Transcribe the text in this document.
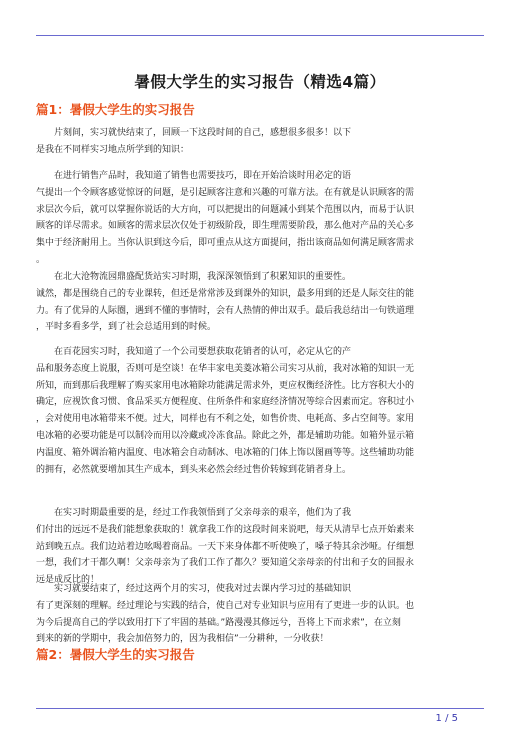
暑假大学生的实习报告（精选4篇）
篇1：暑假大学生的实习报告
片刻间，实习就快结束了，回顾一下这段时间的自己，感想很多很多！以下
是我在不同样实习地点所学到的知识：
在进行销售产品时，我知道了销售也需要技巧，即在开始洽谈时用必定的语
气提出一个令顾客感觉惊讶的问题，是引起顾客注意和兴趣的可靠方法。在有就是认识顾客的需
求层次今后，就可以掌握你说话的大方向，可以把提出的问题减小到某个范围以内，而易于认识
顾客的详尽需求。如顾客的需求层次仅处于初级阶段，即生理需要阶段，那么他对产品的关心多
集中于经济耐用上。当你认识到这今后，即可重点从这方面提问，指出该商品如何满足顾客需求
。
在北大沧物流园鼎盛配货站实习时期，我深深领悟到了积累知识的重要性。
诚然，都是围绕自己的专业课转，但还是常常涉及到课外的知识，最多用到的还是人际交往的能
力。有了优异的人际圈，遇到不懂的事情时，会有人热情的伸出双手。最后我总结出一句铁道理
，平时多看多学，到了社会总适用到的时候。
在百花园实习时，我知道了一个公司要想获取花销者的认可，必定从它的产
品和服务态度上说服，否则可是空谈！在华丰家电美菱冰箱公司实习从前，我对冰箱的知识一无
所知，而到那后我理解了购买家用电冰箱除功能满足需求外，更应权衡经济性。比方容积大小的
确定，应视饮食习惯、食品采买方便程度、住所条件和家庭经济情况等综合因素而定。容积过小
，会对使用电冰箱带来不便。过大，同样也有不利之处，如售价贵、电耗高、多占空间等。家用
电冰箱的必要功能是可以制冷而用以冷藏或冷冻食品。除此之外，都是辅助功能。如箱外显示箱
内温度、箱外调治箱内温度、电冰箱会自动制冰、电冰箱的门体上饰以图画等等。这些辅助功能
的拥有，必然就要增加其生产成本，到头来必然会经过售价转嫁到花销者身上。
在实习时期最重要的是，经过工作我领悟到了父亲母亲的艰辛，他们为了我
们付出的远远不是我们能想象获取的！就拿我工作的这段时间来说吧，每天从清早七点开始素来
站到晚五点。我们边站着边吆喝着商品。一天下来身体都不听使唤了，嗓子特其余沙哑。仔细想
一想，我们才干都久啊！父亲母亲为了我们工作了都久？要知道父亲母亲的付出和子女的回报永
远是成反比的！
实习就要结束了，经过这两个月的实习，使我对过去课内学习过的基础知识
有了更深刻的理解。经过理论与实践的结合，使自己对专业知识与应用有了更进一步的认识。也
为今后提高自己的学以致用打下了牢固的基础。”路漫漫其修远兮，吾将上下而求索”，在立刻
到来的新的学期中，我会加倍努力的，因为我相信”一分耕种，一分收获！
篇2：暑假大学生的实习报告
1 / 5
